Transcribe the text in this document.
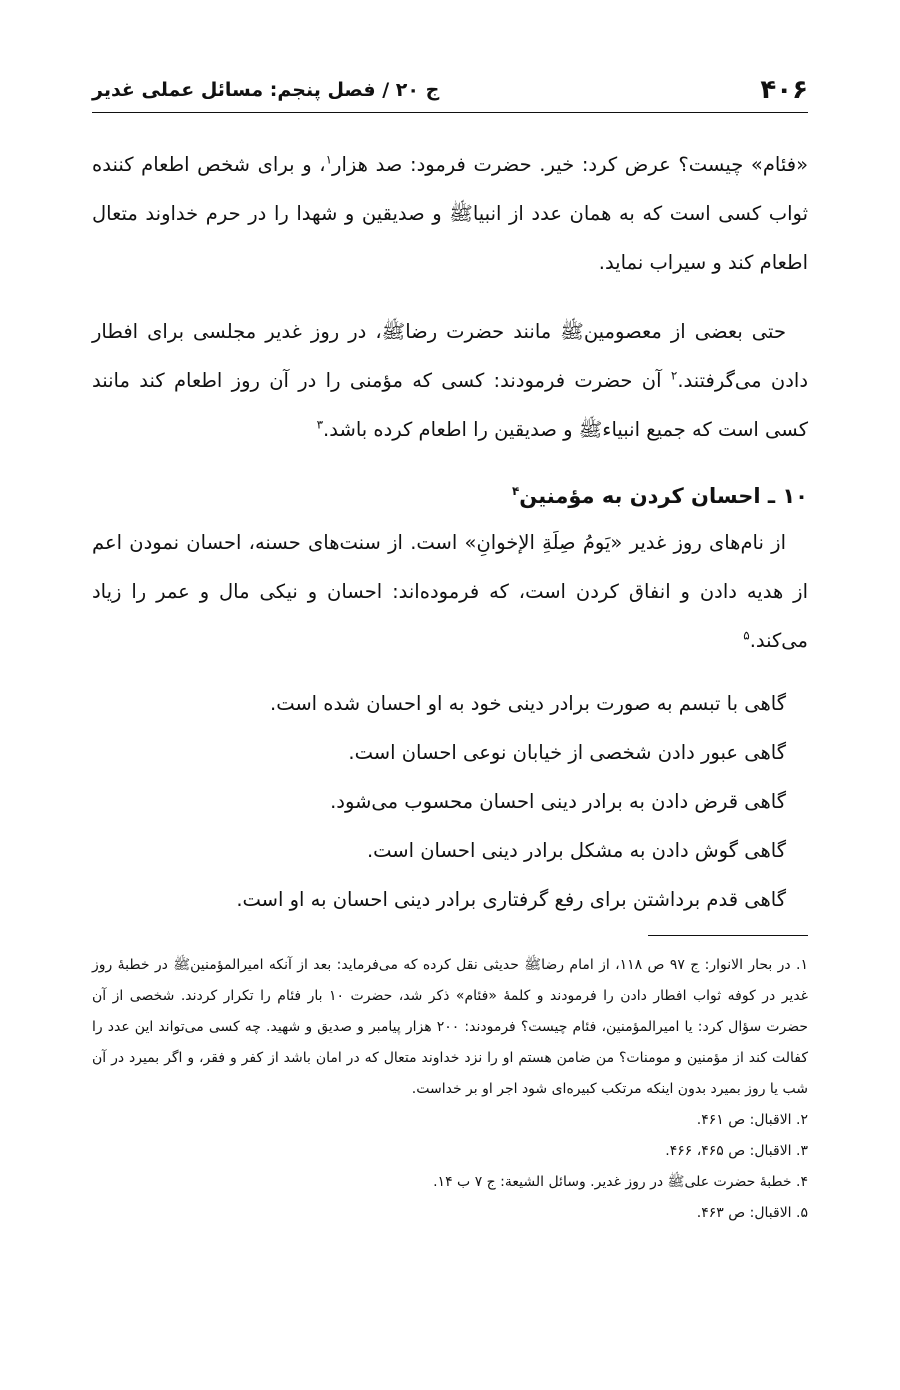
۴۰۶
ج ۲۰ / فصل پنجم: مسائل عملی غدیر

«فئام» چیست؟ عرض کرد: خیر. حضرت فرمود: صد هزار$^۱$، و برای شخص اطعام کننده ثواب کسی است که به همان عدد از انبیاﷺ و صدیقین و شهدا را در حرم خداوند متعال اطعام کند و سیراب نماید.

حتی بعضی از معصومینﷺ مانند حضرت رضاﷺ، در روز غدیر مجلسی برای افطار دادن می‌گرفتند.$^۲$ آن حضرت فرمودند: کسی که مؤمنی را در آن روز اطعام کند مانند کسی است که جمیع انبیاءﷺ و صدیقین را اطعام کرده باشد.$^۳$

۱۰ ـ احسان کردن به مؤمنین$^۴$

از نام‌های روز غدیر «یَومُ صِلَةِ الإخوانِ» است. از سنت‌های حسنه، احسان نمودن اعم از هدیه دادن و انفاق کردن است، که فرموده‌اند: احسان و نیکی مال و عمر را زیاد می‌کند.$^۵$

گاهی با تبسم به صورت برادر دینی خود به او احسان شده است.
گاهی عبور دادن شخصی از خیابان نوعی احسان است.
گاهی قرض دادن به برادر دینی احسان محسوب می‌شود.
گاهی گوش دادن به مشکل برادر دینی احسان است.
گاهی قدم برداشتن برای رفع گرفتاری برادر دینی احسان به او است.

۱. در بحار الانوار: ج ۹۷ ص ۱۱۸، از امام رضاﷺ حدیثی نقل کرده که می‌فرماید: بعد از آنکه امیرالمؤمنینﷺ در خطبهٔ روز غدیر در کوفه ثواب افطار دادن را فرمودند و کلمهٔ «فئام» ذکر شد، حضرت ۱۰ بار فئام را تکرار کردند. شخصی از آن حضرت سؤال کرد: یا امیرالمؤمنین، فئام چیست؟ فرمودند: ۲۰۰ هزار پیامبر و صدیق و شهید. چه کسی می‌تواند این عدد را کفالت کند از مؤمنین و مومنات؟ من ضامن هستم او را نزد خداوند متعال که در امان باشد از کفر و فقر، و اگر بمیرد در آن شب یا روز بمیرد بدون اینکه مرتکب کبیره‌ای شود اجر او بر خداست.

۲. الاقبال: ص ۴۶۱.

۳. الاقبال: ص ۴۶۵، ۴۶۶.

۴. خطبهٔ حضرت علیﷺ در روز غدیر. وسائل الشیعة: ج ۷ ب ۱۴.

۵. الاقبال: ص ۴۶۳.
